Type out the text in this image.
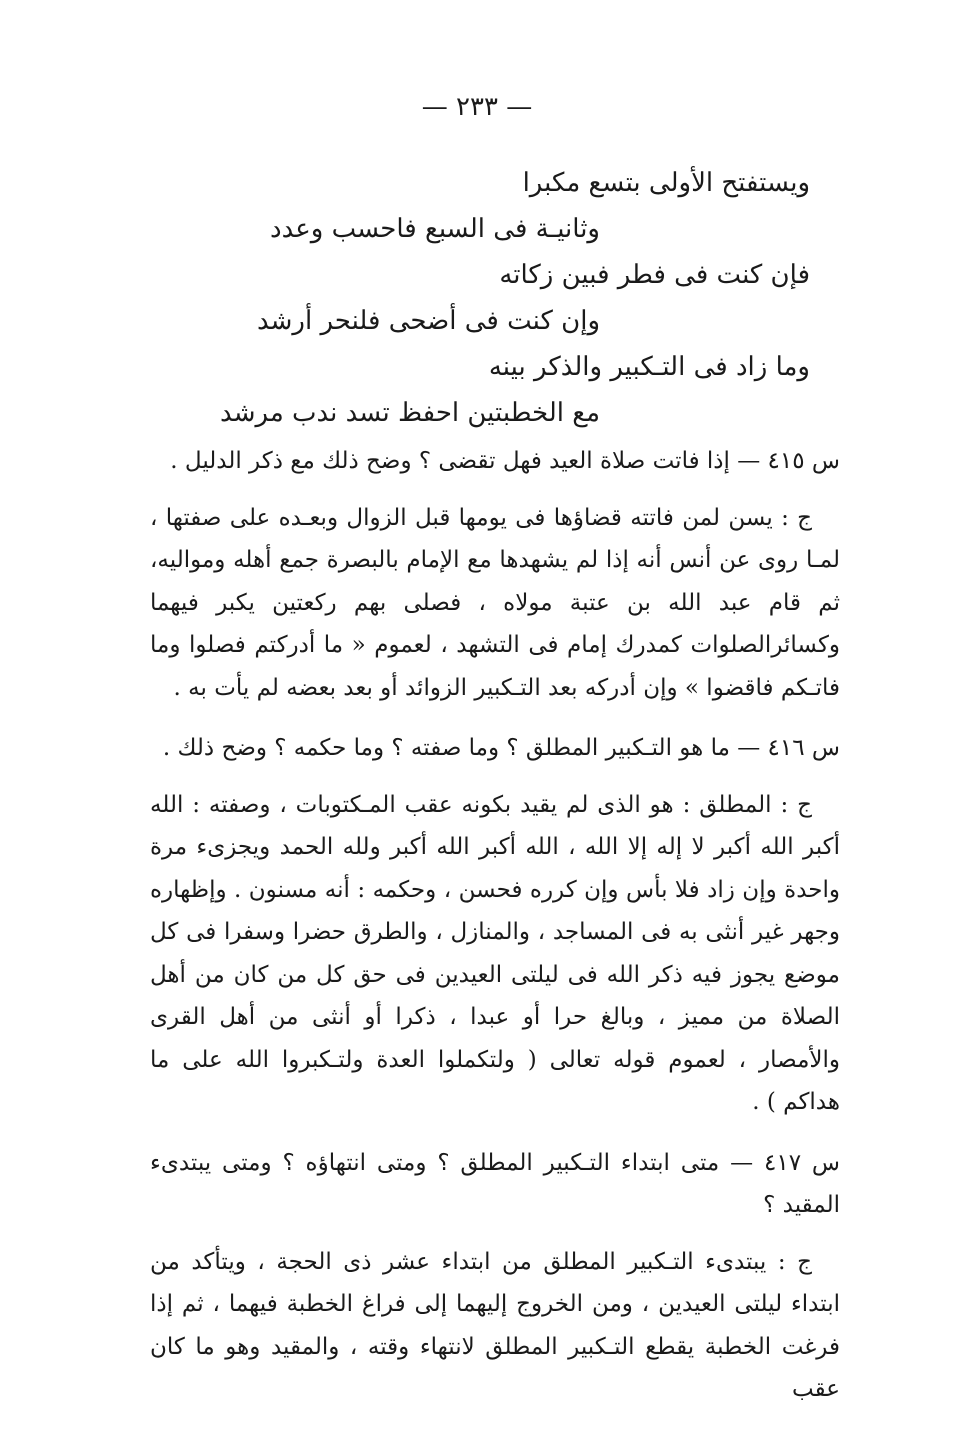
— ٢٣٣ —
ويستفتح الأولى بتسع مكبرا
وثانيـة فى السبع فاحسب وعدد
فإن كنت فى فطر فبين زكاته
وإن كنت فى أضحى فلنحر أرشد
وما زاد فى التـكبير والذكر بينه
مع الخطبتين احفظ تسد ندب مرشد
س ٤١٥ — إذا فاتت صلاة العيد فهل تقضى ؟ وضح ذلك مع ذكر الدليل .
ج : يسن لمن فاتته قضاؤها فى يومها قبل الزوال وبعـده على صفتها ، لمـا روى عن أنس أنه إذا لم يشهدها مع الإمام بالبصرة جمع أهله ومواليه، ثم قام عبد الله بن عتبة مولاه ، فصلى بهم ركعتين يكبر فيهما وكسائرالصلوات كمدرك إمام فى التشهد ، لعموم « ما أدركتم فصلوا وما فاتـكم فاقضوا » وإن أدركه بعد التـكبير الزوائد أو بعد بعضه لم يأت به .
س ٤١٦ — ما هو التـكبير المطلق ؟ وما صفته ؟ وما حكمه ؟ وضح ذلك .
ج : المطلق : هو الذى لم يقيد بكونه عقب المـكتوبات ، وصفته : الله أكبر الله أكبر لا إله إلا الله ، الله أكبر الله أكبر ولله الحمد ويجزىء مرة واحدة وإن زاد فلا بأس وإن كرره فحسن ، وحكمه : أنه مسنون . وإظهاره وجهر غير أنثى به فى المساجد ، والمنازل ، والطرق حضرا وسفرا فى كل موضع يجوز فيه ذكر الله فى ليلتى العيدين فى حق كل من كان من أهل الصلاة من مميز ، وبالغ حرا أو عبدا ، ذكرا أو أنثى من أهل القرى والأمصار ، لعموم قوله تعالى ( ولتكملوا العدة ولتـكبروا الله على ما هداكم ) .
س ٤١٧ — متى ابتداء التـكبير المطلق ؟ ومتى انتهاؤه ؟ ومتى يبتدىء المقيد ؟
ج : يبتدىء التـكبير المطلق من ابتداء عشر ذى الحجة ، ويتأكد من ابتداء ليلتى العيدين ، ومن الخروج إليهما إلى فراغ الخطبة فيهما ، ثم إذا فرغت الخطبة يقطع التـكبير المطلق لانتهاء وقته ، والمقيد وهو ما كان عقب
